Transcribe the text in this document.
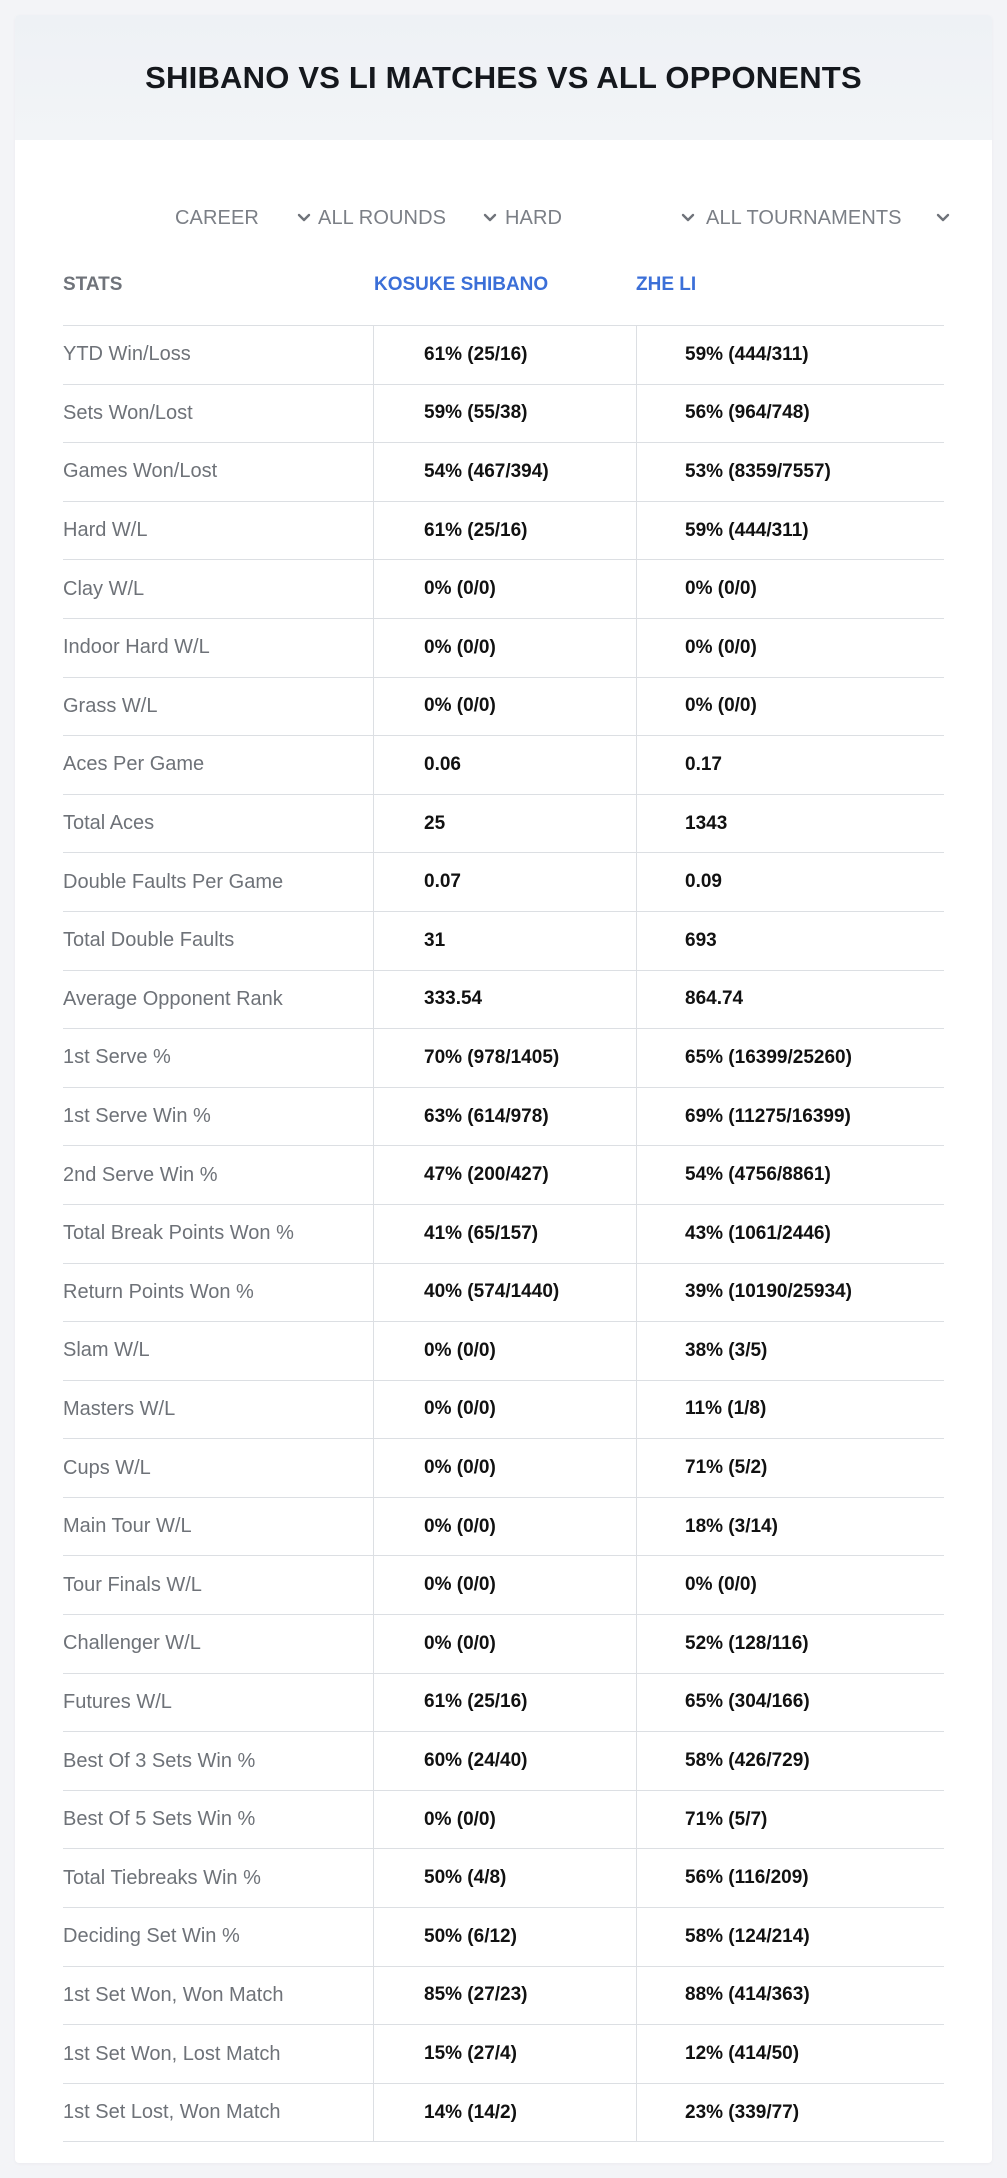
SHIBANO VS LI MATCHES VS ALL OPPONENTS
CAREER	ALL ROUNDS	HARD	ALL TOURNAMENTS
STATS	KOSUKE SHIBANO	ZHE LI
YTD Win/Loss	61% (25/16)	59% (444/311)
Sets Won/Lost	59% (55/38)	56% (964/748)
Games Won/Lost	54% (467/394)	53% (8359/7557)
Hard W/L	61% (25/16)	59% (444/311)
Clay W/L	0% (0/0)	0% (0/0)
Indoor Hard W/L	0% (0/0)	0% (0/0)
Grass W/L	0% (0/0)	0% (0/0)
Aces Per Game	0.06	0.17
Total Aces	25	1343
Double Faults Per Game	0.07	0.09
Total Double Faults	31	693
Average Opponent Rank	333.54	864.74
1st Serve %	70% (978/1405)	65% (16399/25260)
1st Serve Win %	63% (614/978)	69% (11275/16399)
2nd Serve Win %	47% (200/427)	54% (4756/8861)
Total Break Points Won %	41% (65/157)	43% (1061/2446)
Return Points Won %	40% (574/1440)	39% (10190/25934)
Slam W/L	0% (0/0)	38% (3/5)
Masters W/L	0% (0/0)	11% (1/8)
Cups W/L	0% (0/0)	71% (5/2)
Main Tour W/L	0% (0/0)	18% (3/14)
Tour Finals W/L	0% (0/0)	0% (0/0)
Challenger W/L	0% (0/0)	52% (128/116)
Futures W/L	61% (25/16)	65% (304/166)
Best Of 3 Sets Win %	60% (24/40)	58% (426/729)
Best Of 5 Sets Win %	0% (0/0)	71% (5/7)
Total Tiebreaks Win %	50% (4/8)	56% (116/209)
Deciding Set Win %	50% (6/12)	58% (124/214)
1st Set Won, Won Match	85% (27/23)	88% (414/363)
1st Set Won, Lost Match	15% (27/4)	12% (414/50)
1st Set Lost, Won Match	14% (14/2)	23% (339/77)
